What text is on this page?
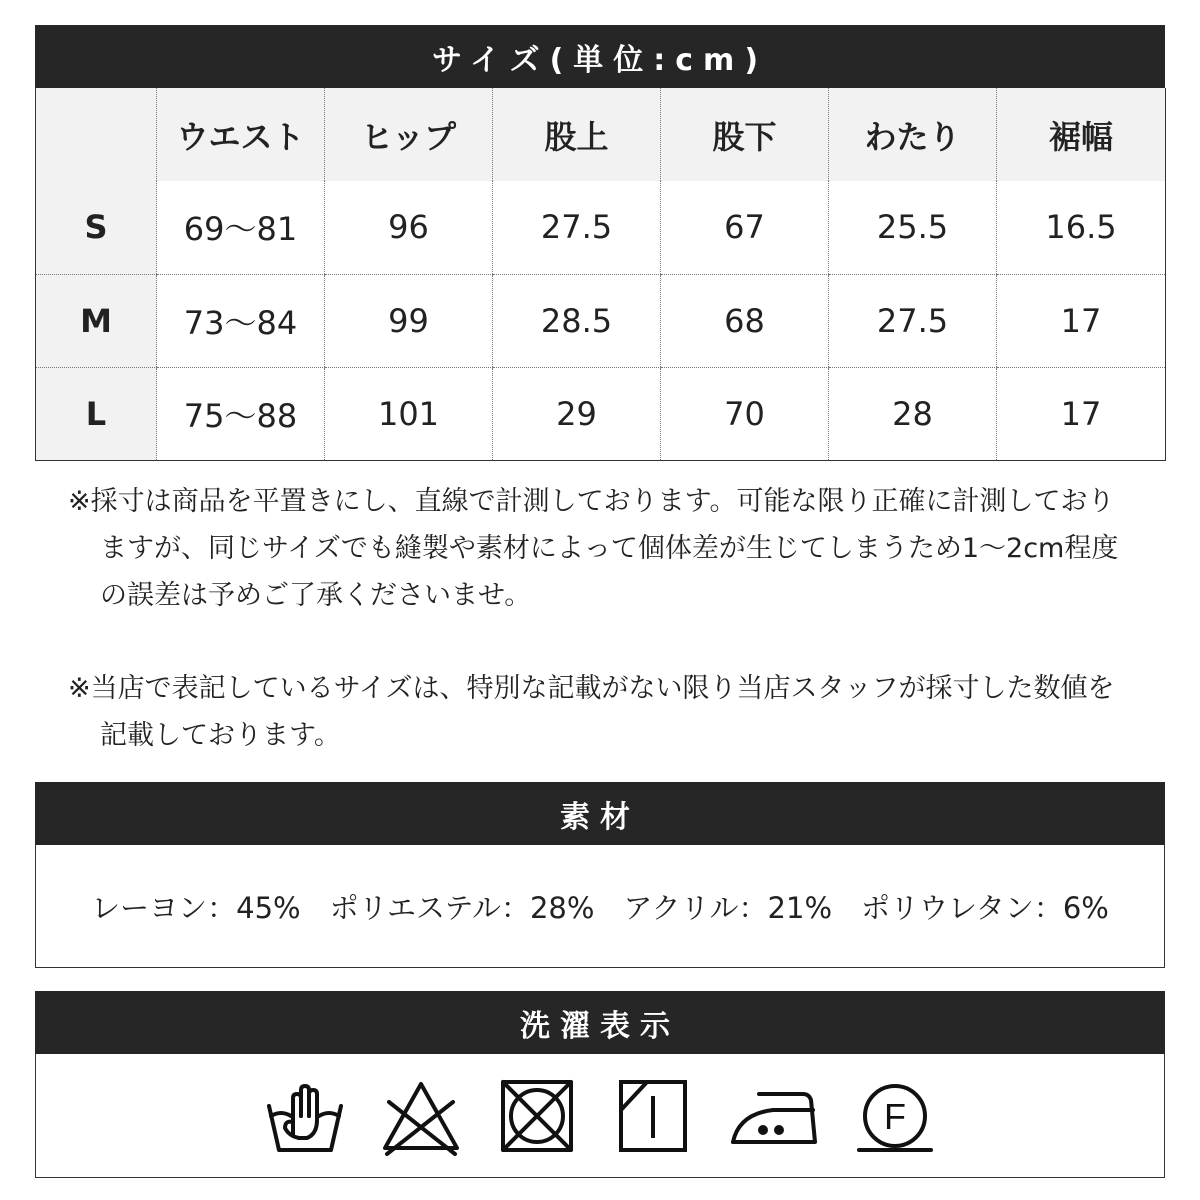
サイズ(単位:cm)
	ウエスト	ヒップ	股上	股下	わたり	裾幅
S	69～81	96	27.5	67	25.5	16.5
M	73～84	99	28.5	68	27.5	17
L	75～88	101	29	70	28	17

※採寸は商品を平置きにし、直線で計測しております。可能な限り正確に計測しておりますが、同じサイズでも縫製や素材によって個体差が生じてしまうため1～2cm程度の誤差は予めご了承くださいませ。

※当店で表記しているサイズは、特別な記載がない限り当店スタッフが採寸した数値を記載しております。

素材
レーヨン：45%　ポリエステル：28%　アクリル：21%　ポリウレタン：6%
洗濯表示
F
